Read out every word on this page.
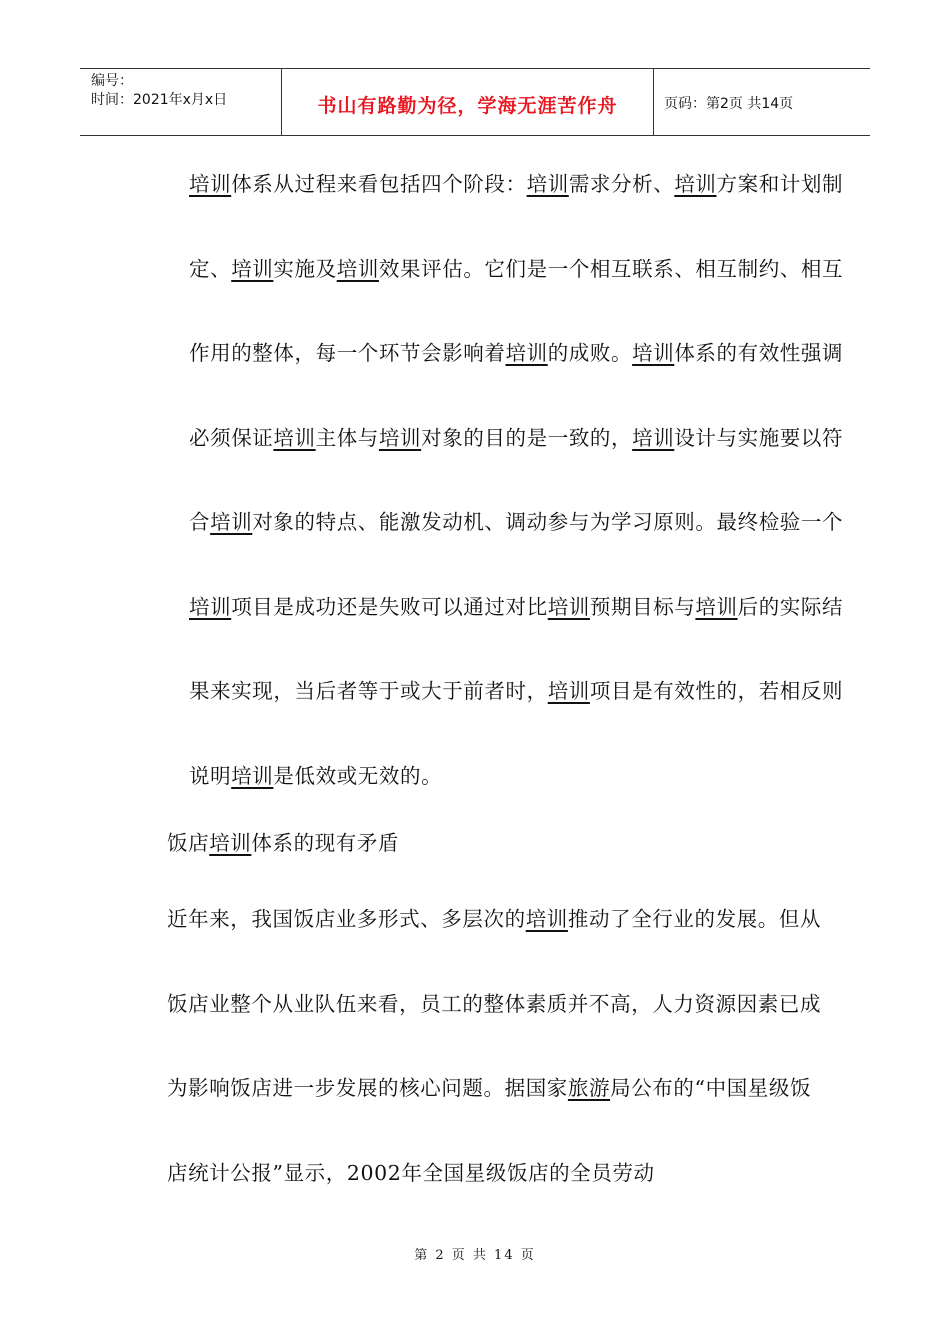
编号：
时间：2021年x月x日	书山有路勤为径，学海无涯苦作舟	页码：第2页 共14页

培训体系从过程来看包括四个阶段：培训需求分析、培训方案和计划制定、培训实施及培训效果评估。它们是一个相互联系、相互制约、相互作用的整体，每一个环节会影响着培训的成败。培训体系的有效性强调必须保证培训主体与培训对象的目的是一致的，培训设计与实施要以符合培训对象的特点、能激发动机、调动参与为学习原则。最终检验一个培训项目是成功还是失败可以通过对比培训预期目标与培训后的实际结果来实现，当后者等于或大于前者时，培训项目是有效性的，若相反则说明培训是低效或无效的。

饭店培训体系的现有矛盾

近年来，我国饭店业多形式、多层次的培训推动了全行业的发展。但从饭店业整个从业队伍来看，员工的整体素质并不高，人力资源因素已成为影响饭店进一步发展的核心问题。据国家旅游局公布的“中国星级饭店统计公报”显示，2002年全国星级饭店的全员劳动

第 2 页 共 14 页
